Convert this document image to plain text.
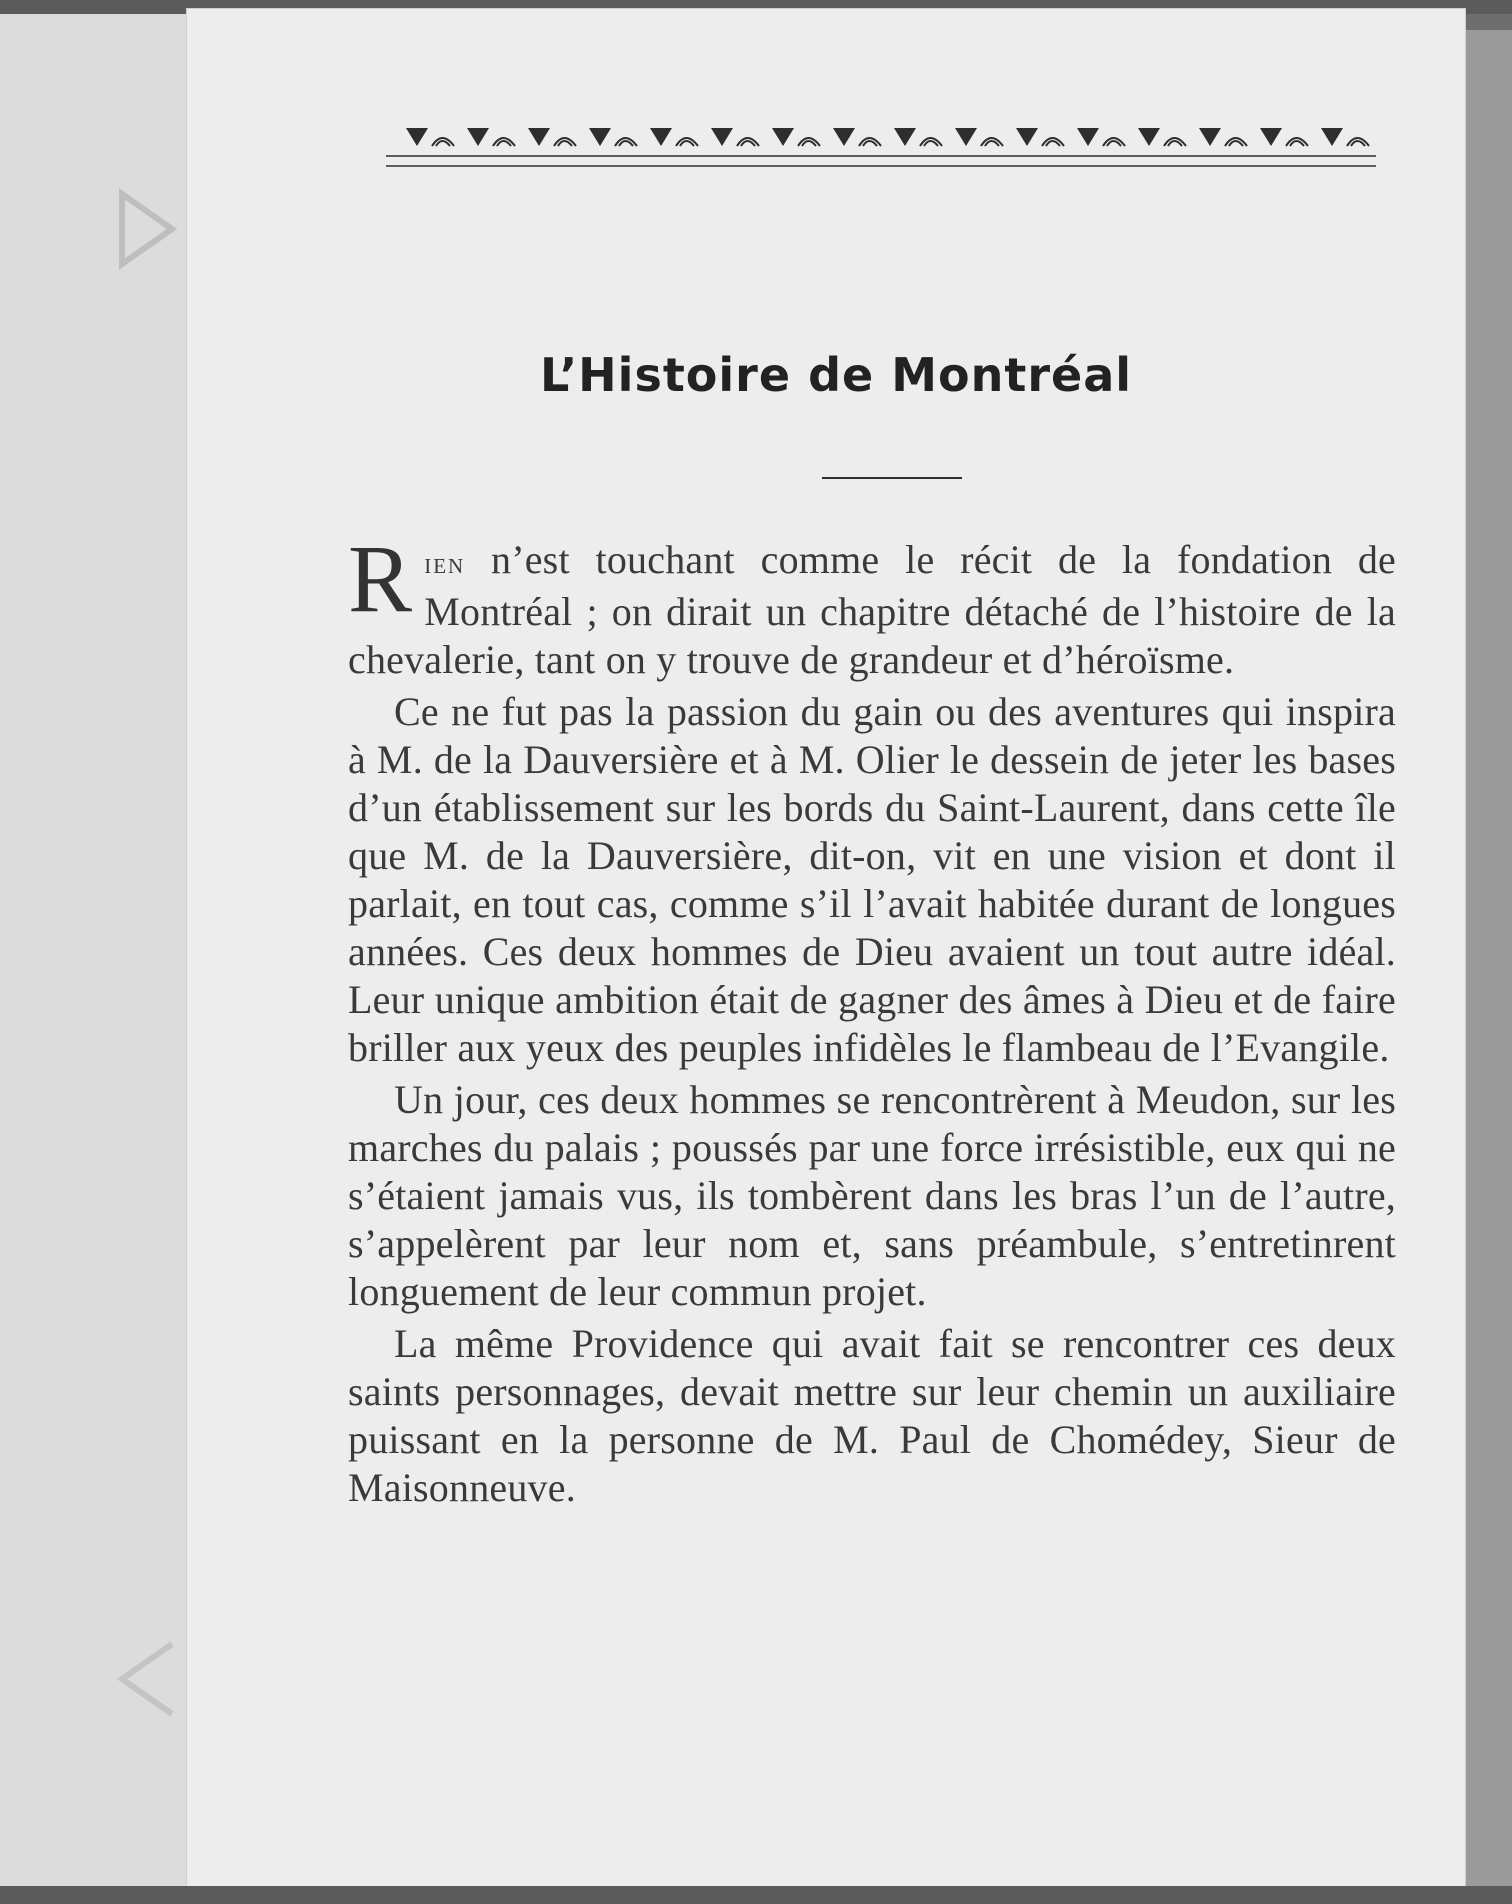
L’Histoire de Montréal

Rien n’est touchant comme le récit de la fondation de Montréal ; on dirait un chapitre détaché de l’histoire de la chevalerie, tant on y trouve de grandeur et d’héroïsme.

Ce ne fut pas la passion du gain ou des aventures qui inspira à M. de la Dauversière et à M. Olier le dessein de jeter les bases d’un établissement sur les bords du Saint-Laurent, dans cette île que M. de la Dauversière, dit-on, vit en une vision et dont il parlait, en tout cas, comme s’il l’avait habitée durant de longues années. Ces deux hommes de Dieu avaient un tout autre idéal. Leur unique ambition était de gagner des âmes à Dieu et de faire briller aux yeux des peuples infidèles le flambeau de l’Evangile.

Un jour, ces deux hommes se rencontrèrent à Meudon, sur les marches du palais ; poussés par une force irrésistible, eux qui ne s’étaient jamais vus, ils tombèrent dans les bras l’un de l’autre, s’appelèrent par leur nom et, sans préambule, s’entretinrent longuement de leur commun projet.

La même Providence qui avait fait se rencontrer ces deux saints personnages, devait mettre sur leur chemin un auxiliaire puissant en la personne de M. Paul de Chomédey, Sieur de Maisonneuve.
